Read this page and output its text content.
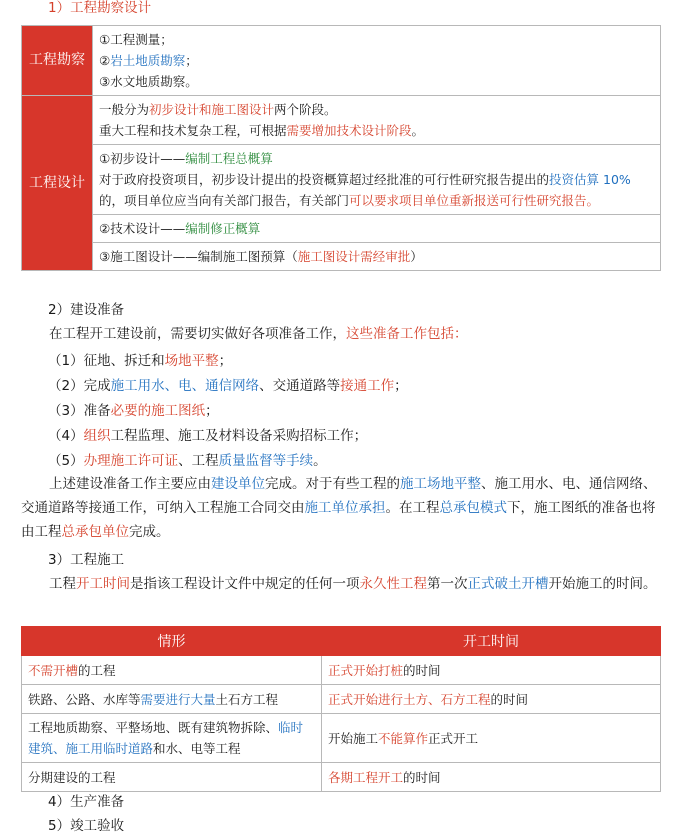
1）工程勘察设计
工程勘察	①工程测量；
②岩土地质勘察；
③水文地质勘察。

工程设计	一般分为初步设计和施工图设计两个阶段。
重大工程和技术复杂工程，可根据需要增加技术设计阶段。

	①初步设计——编制工程总概算
对于政府投资项目，初步设计提出的投资概算超过经批准的可行性研究报告提出的投资估算 10%的，项目单位应当向有关部门报告，有关部门可以要求项目单位重新报送可行性研究报告。

	②技术设计——编制修正概算
	③施工图设计——编制施工图预算（施工图设计需经审批）
2）建设准备
在工程开工建设前，需要切实做好各项准备工作，这些准备工作包括：
（1）征地、拆迁和场地平整；
（2）完成施工用水、电、通信网络、交通道路等接通工作；
（3）准备必要的施工图纸；
（4）组织工程监理、施工及材料设备采购招标工作；
（5）办理施工许可证、工程质量监督等手续。
上述建设准备工作主要应由建设单位完成。对于有些工程的施工场地平整、施工用水、电、通信网络、交通道路等接通工作，可纳入工程施工合同交由施工单位承担。在工程总承包模式下，施工图纸的准备也将由工程总承包单位完成。
3）工程施工
工程开工时间是指该工程设计文件中规定的任何一项永久性工程第一次正式破土开槽开始施工的时间。
情形	开工时间
不需开槽的工程	正式开始打桩的时间
铁路、公路、水库等需要进行大量土石方工程	正式开始进行土方、石方工程的时间
工程地质勘察、平整场地、既有建筑物拆除、临时建筑、施工用临时道路和水、电等工程	开始施工不能算作正式开工
分期建设的工程	各期工程开工的时间
4）生产准备
5）竣工验收
